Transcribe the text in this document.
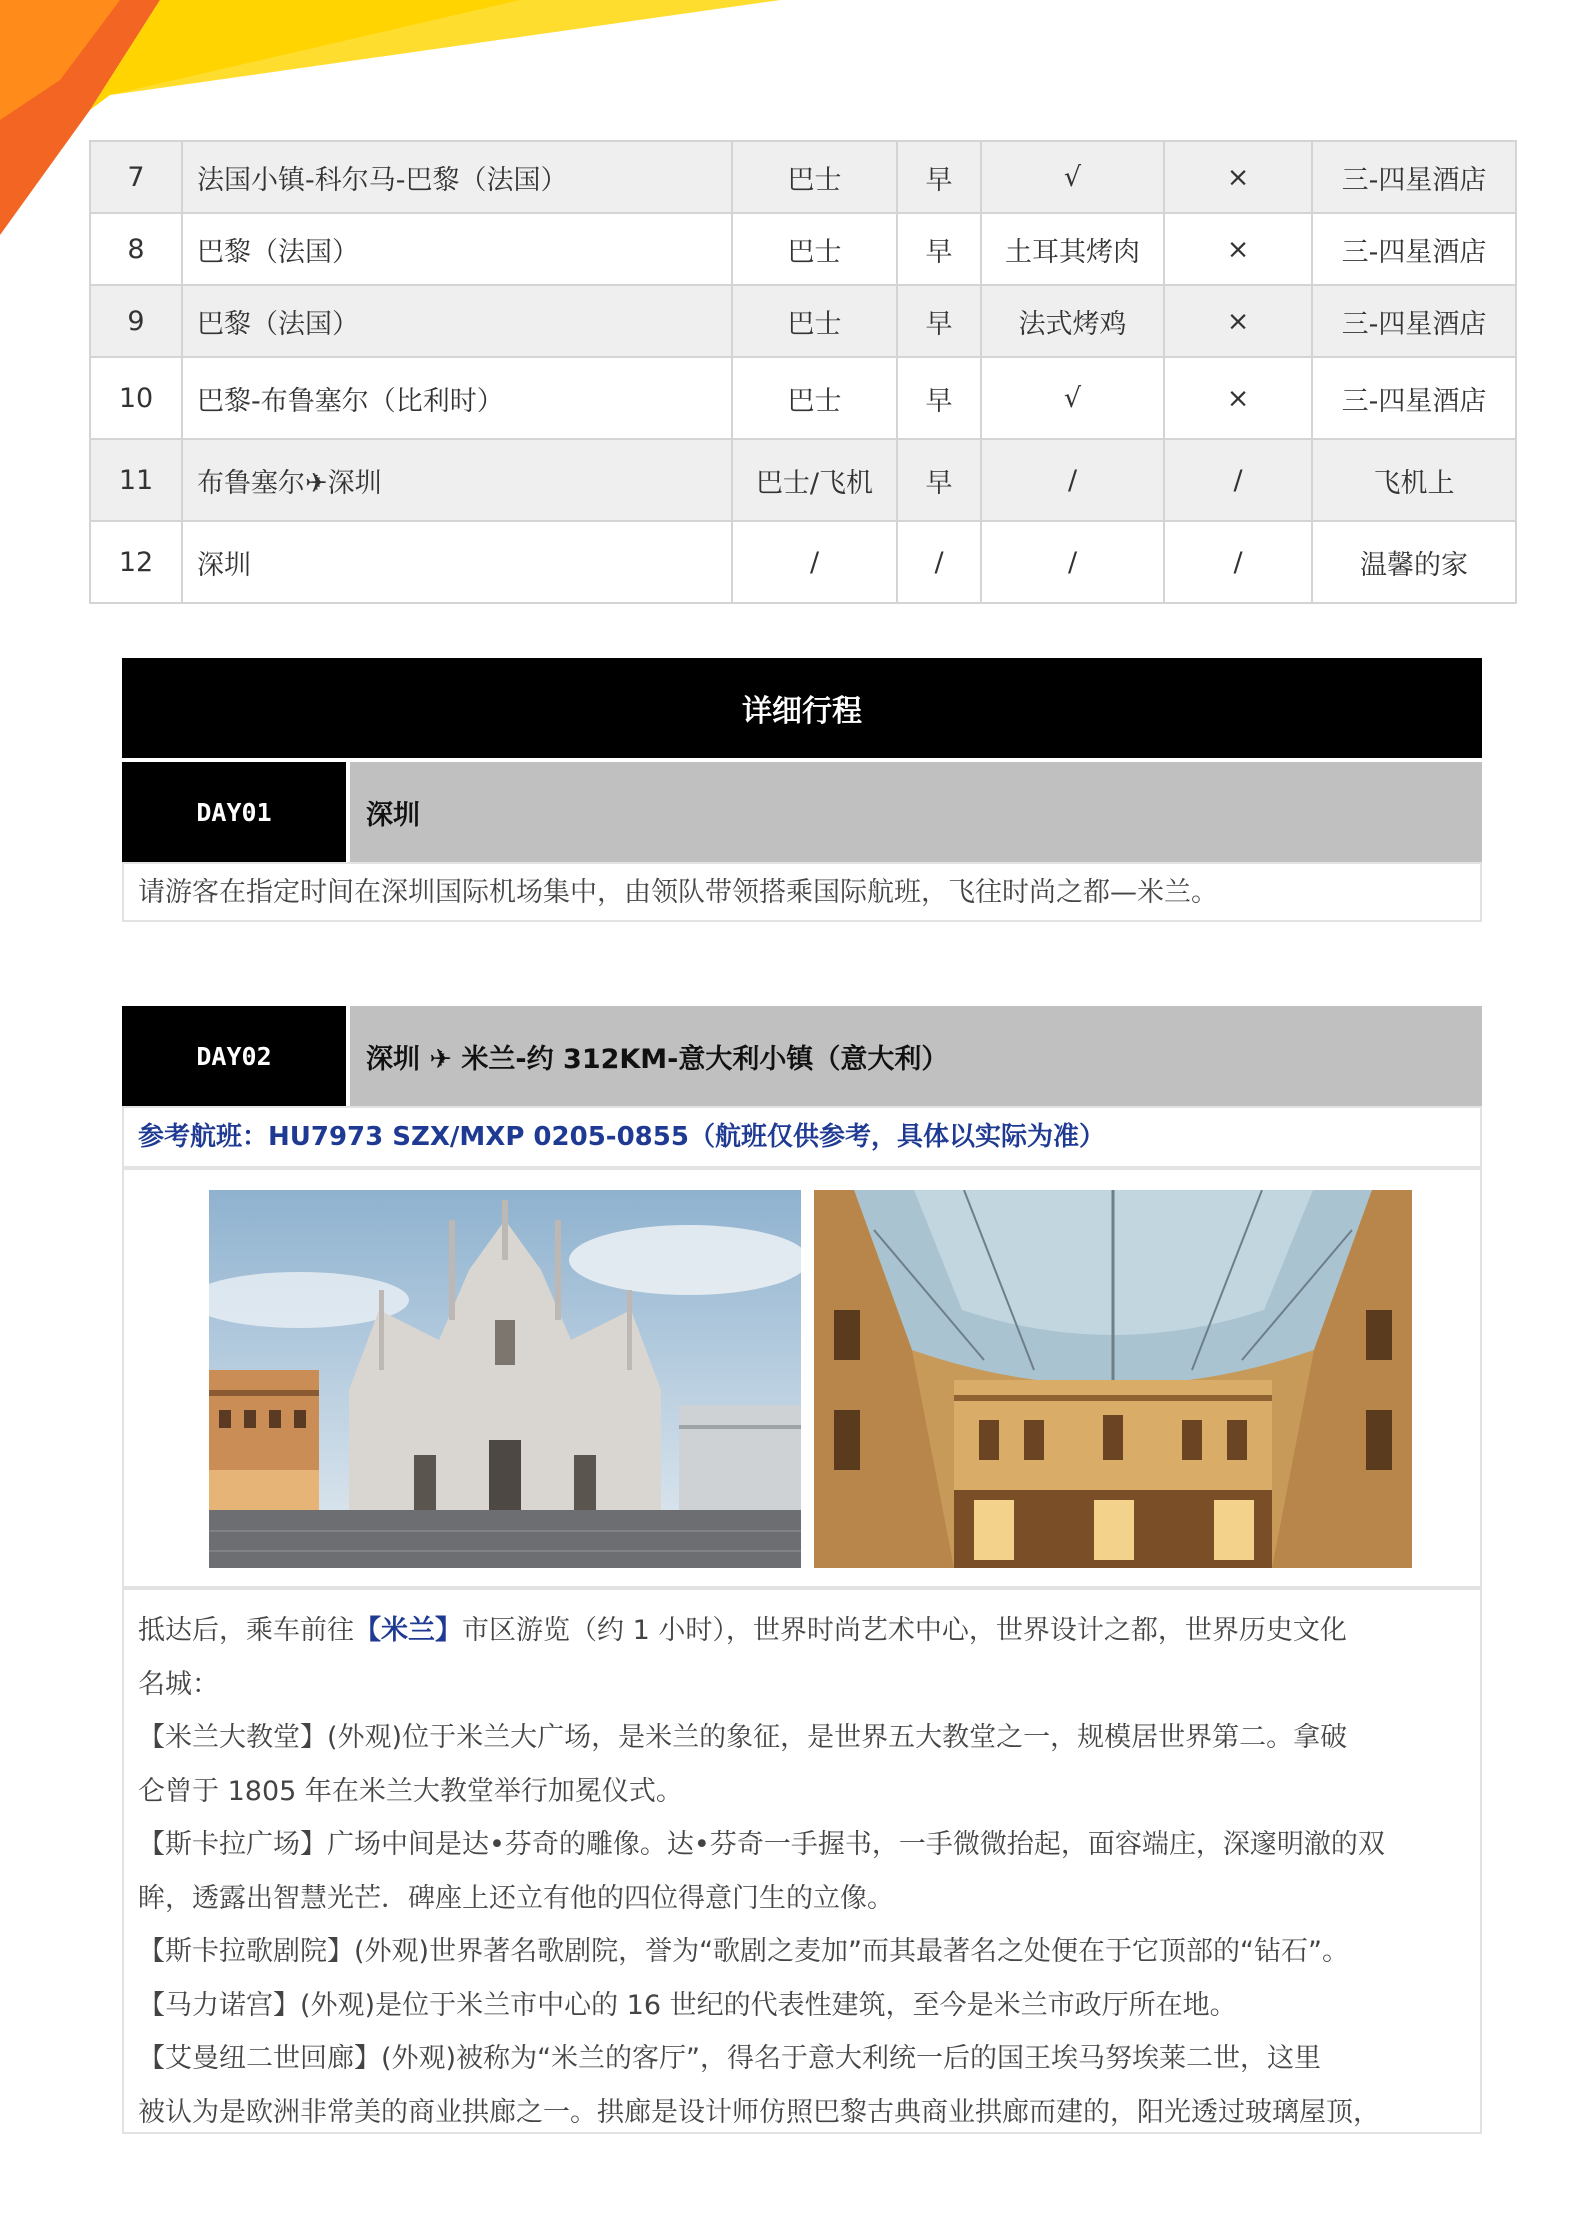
7	法国小镇-科尔马-巴黎（法国）	巴士	早	√	×	三-四星酒店
8	巴黎（法国）	巴士	早	土耳其烤肉	×	三-四星酒店
9	巴黎（法国）	巴士	早	法式烤鸡	×	三-四星酒店
10	巴黎-布鲁塞尔（比利时）	巴士	早	√	×	三-四星酒店
11	布鲁塞尔✈深圳	巴士/飞机	早	/	/	飞机上
12	深圳	/	/	/	/	温馨的家
详细行程
DAY01	深圳
请游客在指定时间在深圳国际机场集中，由领队带领搭乘国际航班，飞往时尚之都—米兰。
DAY02	深圳 ✈ 米兰-约 312KM-意大利小镇（意大利）
参考航班：HU7973 SZX/MXP 0205-0855（航班仅供参考，具体以实际为准）

抵达后，乘车前往【米兰】市区游览（约 1 小时），世界时尚艺术中心，世界设计之都，世界历史文化

名城：

【米兰大教堂】(外观)位于米兰大广场，是米兰的象征，是世界五大教堂之一，规模居世界第二。拿破

仑曾于 1805 年在米兰大教堂举行加冕仪式。

【斯卡拉广场】广场中间是达•芬奇的雕像。达•芬奇一手握书，一手微微抬起，面容端庄，深邃明澈的双

眸，透露出智慧光芒．碑座上还立有他的四位得意门生的立像。

【斯卡拉歌剧院】(外观)世界著名歌剧院，誉为“歌剧之麦加”而其最著名之处便在于它顶部的“钻石”。

【马力诺宫】(外观)是位于米兰市中心的 16 世纪的代表性建筑，至今是米兰市政厅所在地。

【艾曼纽二世回廊】(外观)被称为“米兰的客厅”，得名于意大利统一后的国王埃马努埃莱二世，这里

被认为是欧洲非常美的商业拱廊之一。拱廊是设计师仿照巴黎古典商业拱廊而建的，阳光透过玻璃屋顶，
